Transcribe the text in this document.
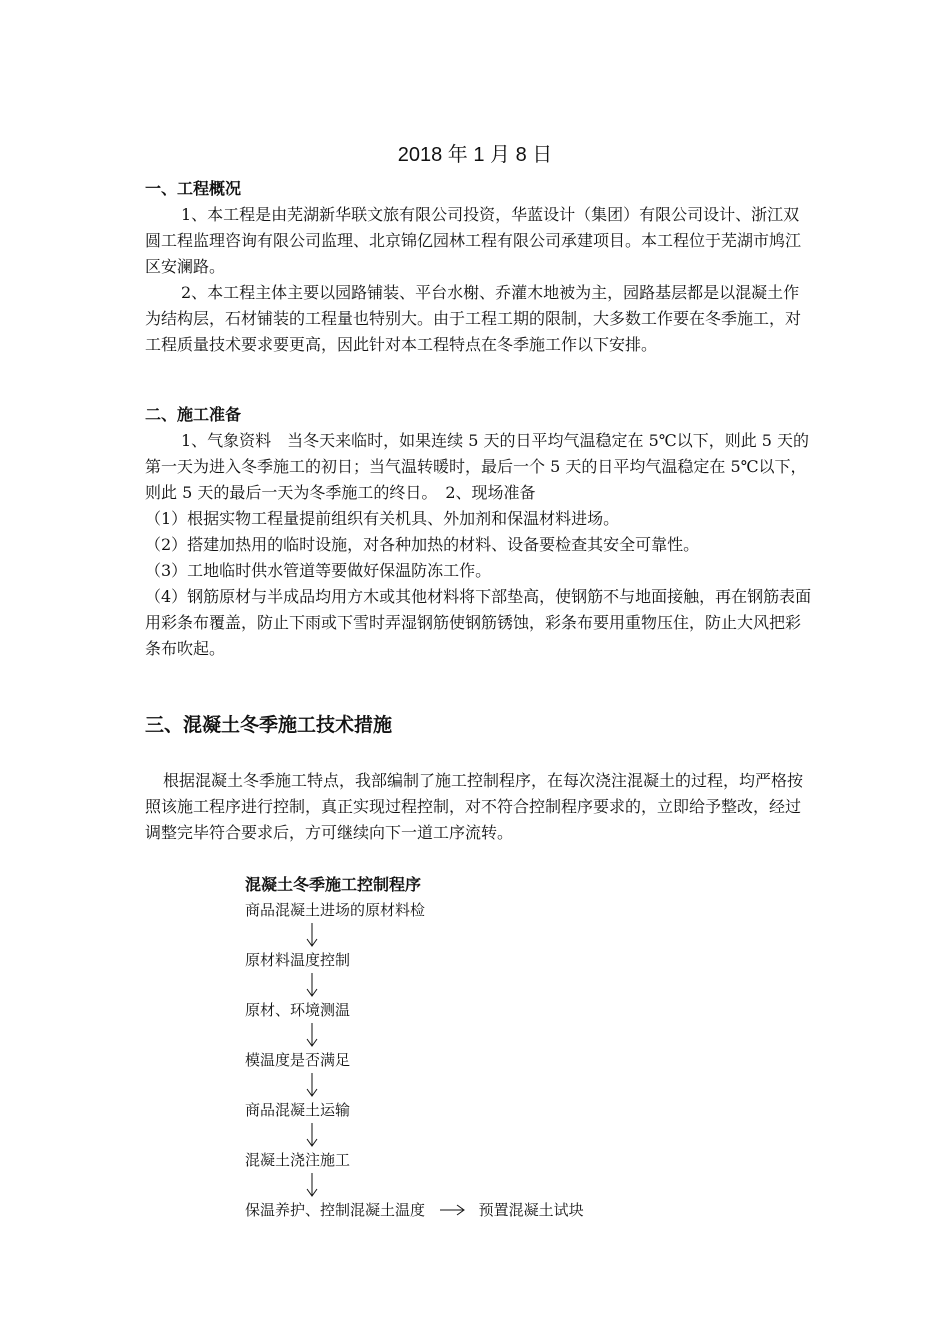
2018 年 1 月 8 日
一、工程概况

1、本工程是由芜湖新华联文旅有限公司投资，华蓝设计（集团）有限公司设计、浙江双圆工程监理咨询有限公司监理、北京锦亿园林工程有限公司承建项目。本工程位于芜湖市鸠江区安澜路。

2、本工程主体主要以园路铺装、平台水榭、乔灌木地被为主，园路基层都是以混凝土作为结构层，石材铺装的工程量也特别大。由于工程工期的限制，大多数工作要在冬季施工，对工程质量技术要求要更高，因此针对本工程特点在冬季施工作以下安排。

二、施工准备

1、气象资料　当冬天来临时，如果连续 5 天的日平均气温稳定在 5℃以下，则此 5 天的第一天为进入冬季施工的初日；当气温转暖时，最后一个 5 天的日平均气温稳定在 5℃以下，则此 5 天的最后一天为冬季施工的终日。　2、现场准备

（1）根据实物工程量提前组织有关机具、外加剂和保温材料进场。

（2）搭建加热用的临时设施，对各种加热的材料、设备要检查其安全可靠性。

（3）工地临时供水管道等要做好保温防冻工作。

（4）钢筋原材与半成品均用方木或其他材料将下部垫高，使钢筋不与地面接触，再在钢筋表面用彩条布覆盖，防止下雨或下雪时弄湿钢筋使钢筋锈蚀，彩条布要用重物压住，防止大风把彩条布吹起。

三、混凝土冬季施工技术措施

根据混凝土冬季施工特点，我部编制了施工控制程序，在每次浇注混凝土的过程，均严格按照该施工程序进行控制，真正实现过程控制，对不符合控制程序要求的，立即给予整改，经过调整完毕符合要求后，方可继续向下一道工序流转。

混凝土冬季施工控制程序
商品混凝土进场的原材料检
原材料温度控制
原材、环境测温
模温度是否满足
商品混凝土运输
混凝土浇注施工
保温养护、控制混凝土温度	预置混凝土试块
